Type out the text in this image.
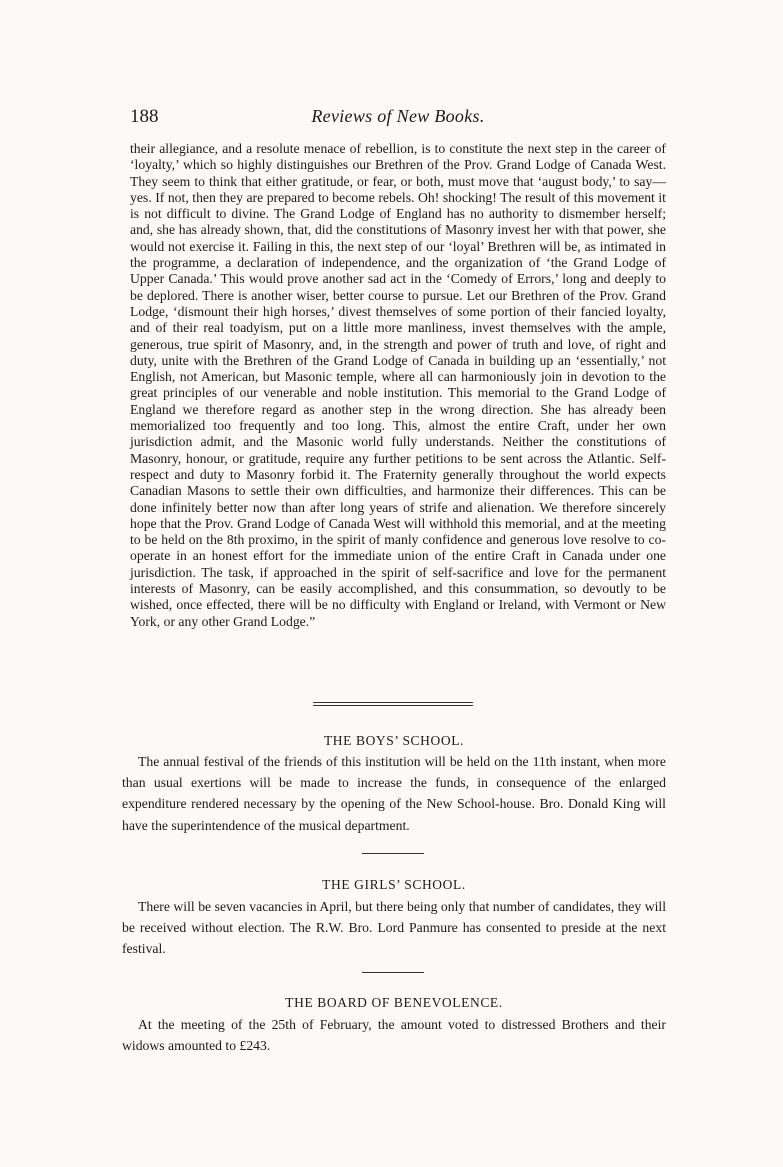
188	Reviews of New Books.

their allegiance, and a resolute menace of rebellion, is to constitute the next step in the career of ‘loyalty,’ which so highly distinguishes our Brethren of the Prov. Grand Lodge of Canada West. They seem to think that either gratitude, or fear, or both, must move that ‘august body,’ to say—yes. If not, then they are prepared to become rebels. Oh! shocking! The result of this movement it is not difficult to divine. The Grand Lodge of England has no authority to dismember herself; and, she has already shown, that, did the constitutions of Masonry invest her with that power, she would not exercise it. Failing in this, the next step of our ‘loyal’ Brethren will be, as intimated in the programme, a declaration of independence, and the organization of ‘the Grand Lodge of Upper Canada.’ This would prove another sad act in the ‘Comedy of Errors,’ long and deeply to be deplored. There is another wiser, better course to pursue. Let our Brethren of the Prov. Grand Lodge, ‘dismount their high horses,’ divest themselves of some portion of their fancied loyalty, and of their real toadyism, put on a little more manliness, invest themselves with the ample, generous, true spirit of Masonry, and, in the strength and power of truth and love, of right and duty, unite with the Brethren of the Grand Lodge of Canada in building up an ‘essentially,’ not English, not American, but Masonic temple, where all can harmoniously join in devotion to the great principles of our venerable and noble institution. This memorial to the Grand Lodge of England we therefore regard as another step in the wrong direction. She has already been memorialized too frequently and too long. This, almost the entire Craft, under her own jurisdiction admit, and the Masonic world fully understands. Neither the constitutions of Masonry, honour, or gratitude, require any further petitions to be sent across the Atlantic. Self-respect and duty to Masonry forbid it. The Fraternity generally throughout the world expects Canadian Masons to settle their own difficulties, and harmonize their differences. This can be done infinitely better now than after long years of strife and alienation. We therefore sincerely hope that the Prov. Grand Lodge of Canada West will withhold this memorial, and at the meeting to be held on the 8th proximo, in the spirit of manly confidence and generous love resolve to co-operate in an honest effort for the immediate union of the entire Craft in Canada under one jurisdiction. The task, if approached in the spirit of self-sacrifice and love for the permanent interests of Masonry, can be easily accomplished, and this consummation, so devoutly to be wished, once effected, there will be no difficulty with England or Ireland, with Vermont or New York, or any other Grand Lodge.”

THE BOYS’ SCHOOL.

The annual festival of the friends of this institution will be held on the 11th instant, when more than usual exertions will be made to increase the funds, in consequence of the enlarged expenditure rendered necessary by the opening of the New School-house. Bro. Donald King will have the superintendence of the musical department.

THE GIRLS’ SCHOOL.

There will be seven vacancies in April, but there being only that number of candidates, they will be received without election. The R.W. Bro. Lord Panmure has consented to preside at the next festival.

THE BOARD OF BENEVOLENCE.

At the meeting of the 25th of February, the amount voted to distressed Brothers and their widows amounted to £243.
